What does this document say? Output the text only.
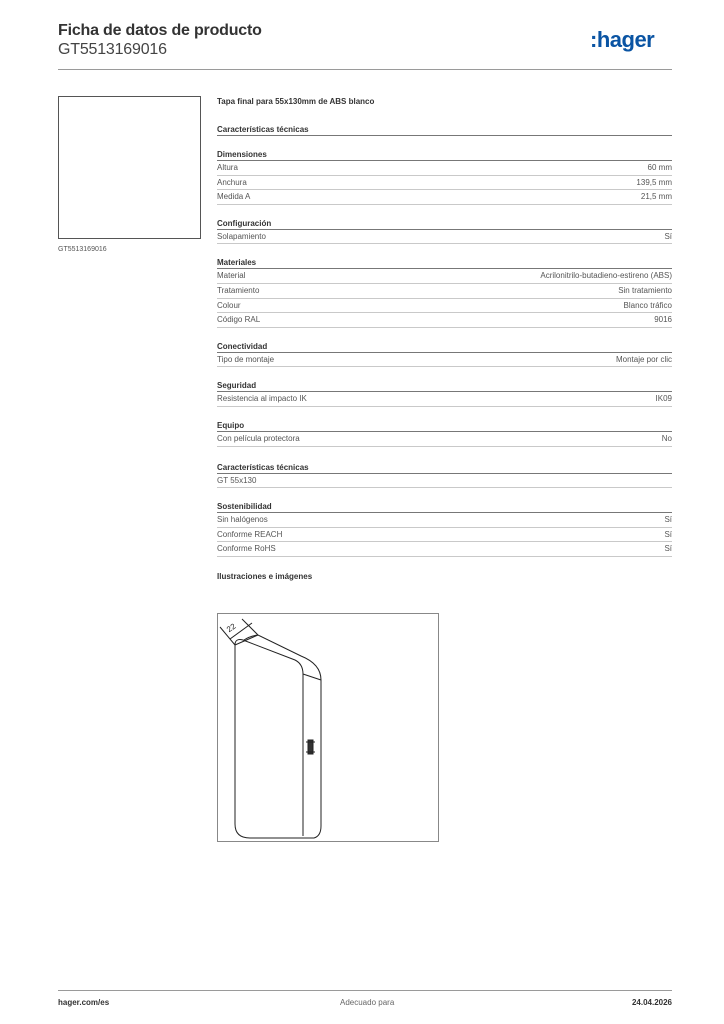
Ficha de datos de producto
GT5513169016	:hager
GT5513169016
Tapa final para 55x130mm de ABS blanco
Características técnicas
Dimensiones
Altura	60 mm
Anchura	139,5 mm
Medida A	21,5 mm
Configuración
Solapamiento	Sí
Materiales
Material	Acrilonitrilo-butadieno-estireno (ABS)
Tratamiento	Sin tratamiento
Colour	Blanco tráfico
Código RAL	9016
Conectividad
Tipo de montaje	Montaje por clic
Seguridad
Resistencia al impacto IK	IK09
Equipo
Con película protectora	No
Características técnicas
GT 55x130
Sostenibilidad
Sin halógenos	Sí
Conforme REACH	Sí
Conforme RoHS	Sí
Ilustraciones e imágenes
22
hager.com/es	Adecuado para	24.04.2026
